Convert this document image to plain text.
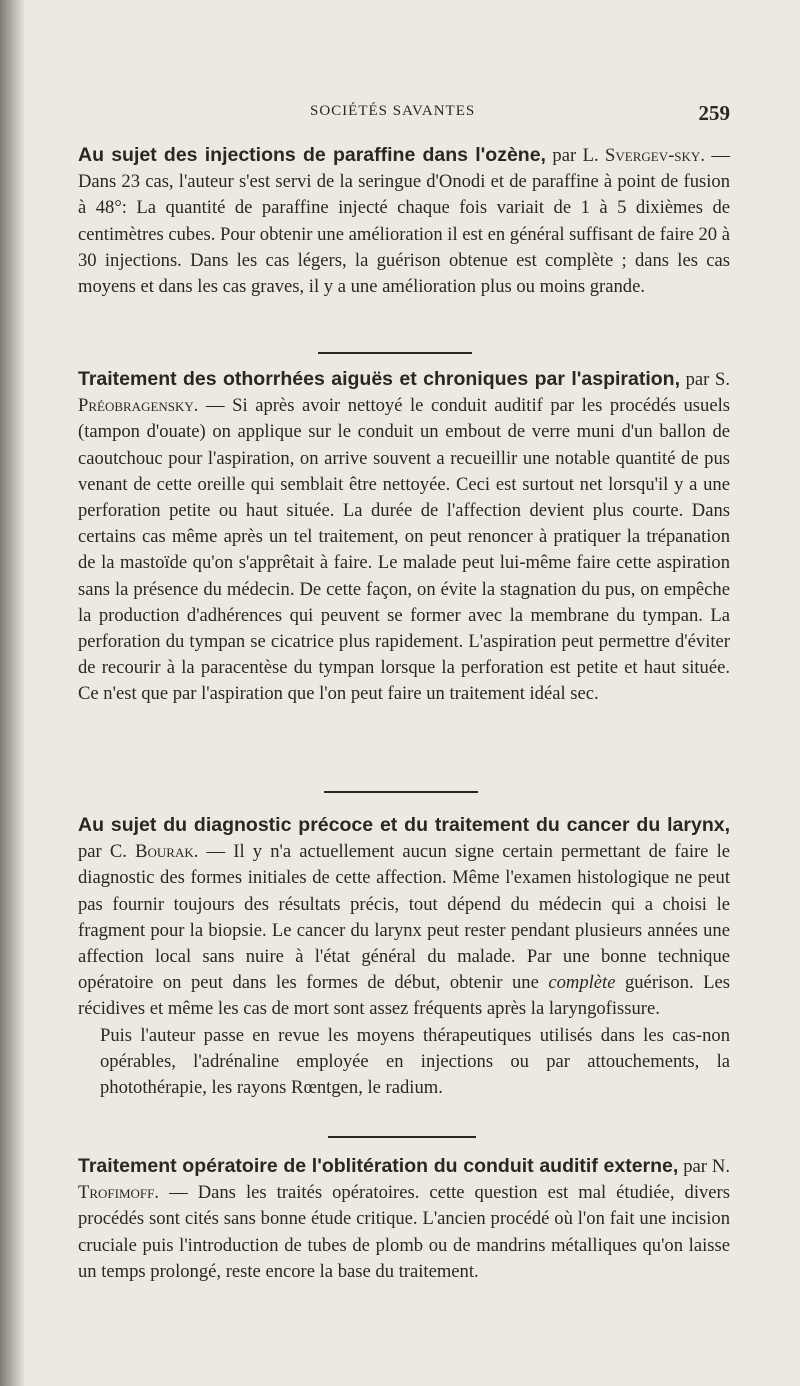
SOCIÉTÉS SAVANTES	259

Au sujet des injections de paraffine dans l'ozène, par L. Svergev-sky. — Dans 23 cas, l'auteur s'est servi de la seringue d'Onodi et de paraffine à point de fusion à 48°: La quantité de paraffine injecté chaque fois variait de 1 à 5 dixièmes de centimètres cubes. Pour obtenir une amélioration il est en général suffisant de faire 20 à 30 injections. Dans les cas légers, la guérison obtenue est complète ; dans les cas moyens et dans les cas graves, il y a une amélioration plus ou moins grande.

Traitement des othorrhées aiguës et chroniques par l'aspiration, par S. Préobragensky. — Si après avoir nettoyé le conduit auditif par les procédés usuels (tampon d'ouate) on applique sur le conduit un embout de verre muni d'un ballon de caoutchouc pour l'aspiration, on arrive souvent a recueillir une notable quantité de pus venant de cette oreille qui semblait être nettoyée. Ceci est surtout net lorsqu'il y a une perforation petite ou haut située. La durée de l'affection devient plus courte. Dans certains cas même après un tel traitement, on peut renoncer à pratiquer la trépanation de la mastoïde qu'on s'apprêtait à faire. Le malade peut lui-même faire cette aspiration sans la présence du médecin. De cette façon, on évite la stagnation du pus, on empêche la production d'adhérences qui peuvent se former avec la membrane du tympan. La perforation du tympan se cicatrice plus rapidement. L'aspiration peut permettre d'éviter de recourir à la paracentèse du tympan lorsque la perforation est petite et haut située. Ce n'est que par l'aspiration que l'on peut faire un traitement idéal sec.

Au sujet du diagnostic précoce et du traitement du cancer du larynx, par C. Bourak. — Il y n'a actuellement aucun signe certain permettant de faire le diagnostic des formes initiales de cette affection. Même l'examen histologique ne peut pas fournir toujours des résultats précis, tout dépend du médecin qui a choisi le fragment pour la biopsie. Le cancer du larynx peut rester pendant plusieurs années une affection local sans nuire à l'état général du malade. Par une bonne technique opératoire on peut dans les formes de début, obtenir une complète guérison. Les récidives et même les cas de mort sont assez fréquents après la laryngofissure.

Puis l'auteur passe en revue les moyens thérapeutiques utilisés dans les cas-non opérables, l'adrénaline employée en injections ou par attouchements, la photothérapie, les rayons Rœntgen, le radium.

Traitement opératoire de l'oblitération du conduit auditif externe, par N. Trofimoff. — Dans les traités opératoires. cette question est mal étudiée, divers procédés sont cités sans bonne étude critique. L'ancien procédé où l'on fait une incision cruciale puis l'introduction de tubes de plomb ou de mandrins métalliques qu'on laisse un temps prolongé, reste encore la base du traitement.
